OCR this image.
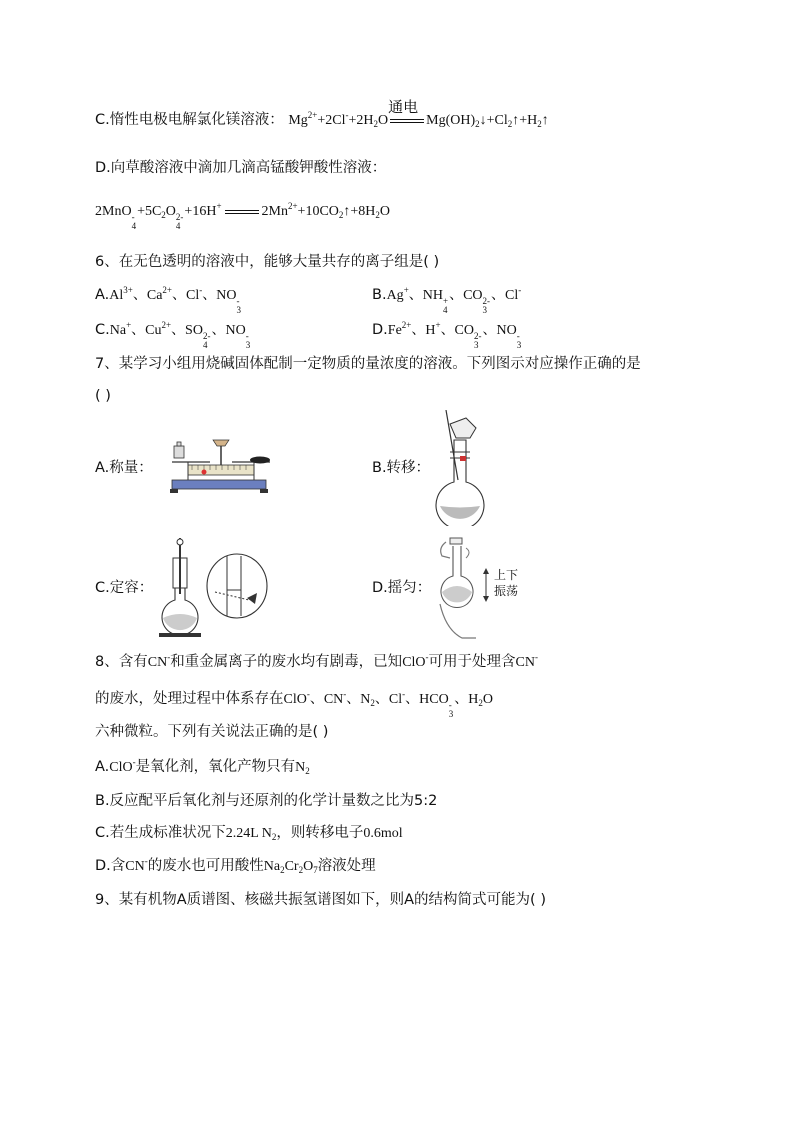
C.惰性电极电解氯化镁溶液： $Mg^{2+}+2Cl^-+2H_2O$
通电
$Mg(OH)_2↓+Cl_2↑+H_2↑$
D.向草酸溶液中滴加几滴高锰酸钾酸性溶液：
2MnO -
4
$+5C_2O$ 2-
4
+16H+	$2Mn^{2+}+10CO_2↑+8H_2O$
6、在无色透明的溶液中，能够大量共存的离子组是( )
$A.Al^{3+}$、$Ca^{2+}$、Cl-、NO -
3
B.Ag+、NH +
4
、CO 2-
3
、Cl-
C.Na+、$Cu^{2+}$、SO 2-
4
、NO -
3
$D.Fe^{2+}$、H+、CO 2-
3
、NO -
3
7、某学习小组用烧碱固体配制一定物质的量浓度的溶液。下列图示对应操作正确的是
( )
A.称量：	B.转移：
C.定容：	D.摇匀：
上下
振荡
8、含有CN-和重金属离子的废水均有剧毒，已知ClO-可用于处理含CN-
的废水，处理过程中体系存在ClO-、CN-、$N_2$、Cl-、HCO -
3
、$H_2O$
六种微粒。下列有关说法正确的是( )
A.ClO-是氧化剂，氧化产物只有$N_2$
B.反应配平后氧化剂与还原剂的化学计量数之比为5:2
C.若生成标准状况下2.24L $N_2$，则转移电子0.6mol
D.含CN-的废水也可用酸性$Na_2Cr_2O_7$溶液处理
9、某有机物A质谱图、核磁共振氢谱图如下，则A的结构简式可能为( )
